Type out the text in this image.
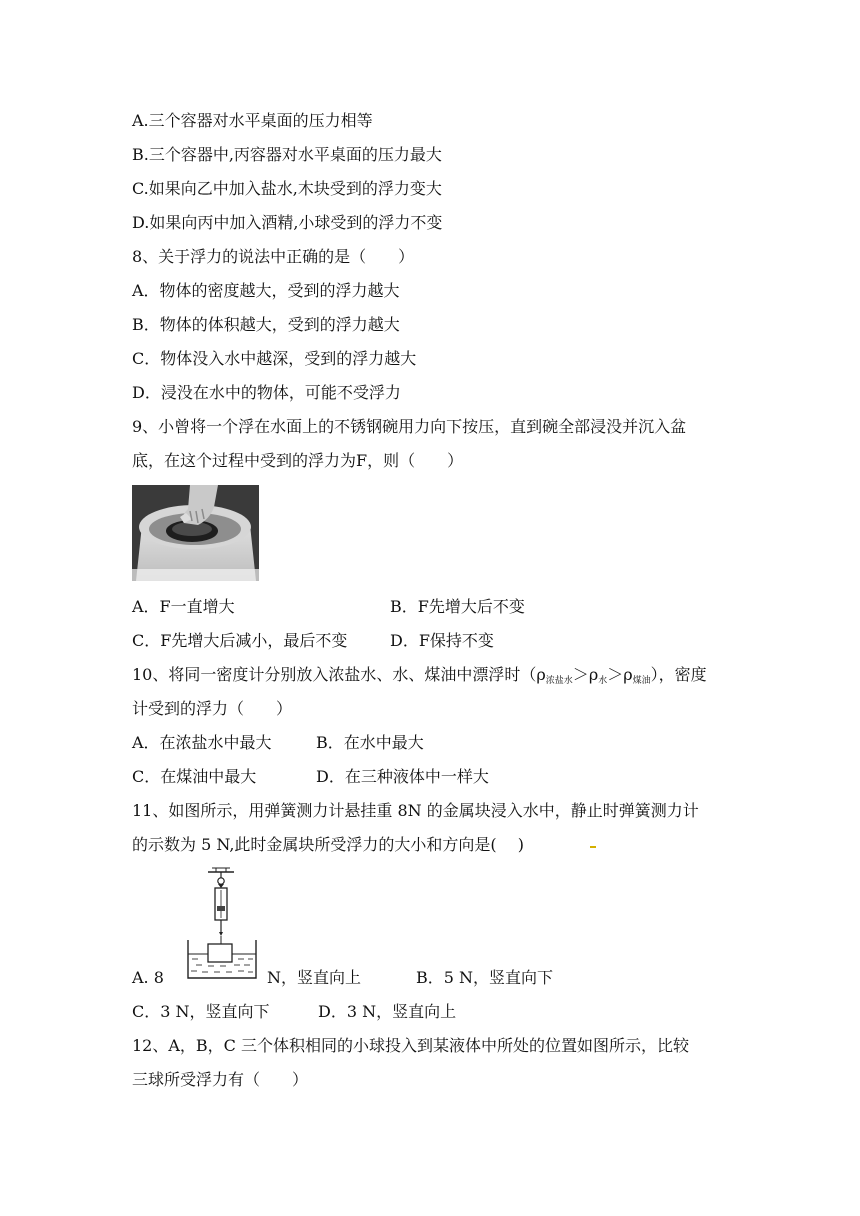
A.三个容器对水平桌面的压力相等
B.三个容器中,丙容器对水平桌面的压力最大
C.如果向乙中加入盐水,木块受到的浮力变大
D.如果向丙中加入酒精,小球受到的浮力不变
8、关于浮力的说法中正确的是（　　）
A．物体的密度越大，受到的浮力越大
B．物体的体积越大，受到的浮力越大
C．物体没入水中越深，受到的浮力越大
D．浸没在水中的物体，可能不受浮力
9、小曾将一个浮在水面上的不锈钢碗用力向下按压，直到碗全部浸没并沉入盆
底，在这个过程中受到的浮力为F，则（　　）
A．F一直增大	B．F先增大后不变
C．F先增大后减小，最后不变	D．F保持不变
10、将同一密度计分别放入浓盐水、水、煤油中漂浮时$(\rho_{浓盐水}>\rho_水>\rho_{煤油})$，密度
计受到的浮力（　　）
A．在浓盐水中最大	B．在水中最大
C．在煤油中最大	D．在三种液体中一样大
11、如图所示，用弹簧测力计悬挂重 8N 的金属块浸入水中，静止时弹簧测力计
的示数为 5 N,此时金属块所受浮力的大小和方向是(　 )
A. 8	N，竖直向上	B．5 N，竖直向下
C．3 N，竖直向下	D．3 N，竖直向上
12、A，B，C 三个体积相同的小球投入到某液体中所处的位置如图所示，比较
三球所受浮力有（　　）
